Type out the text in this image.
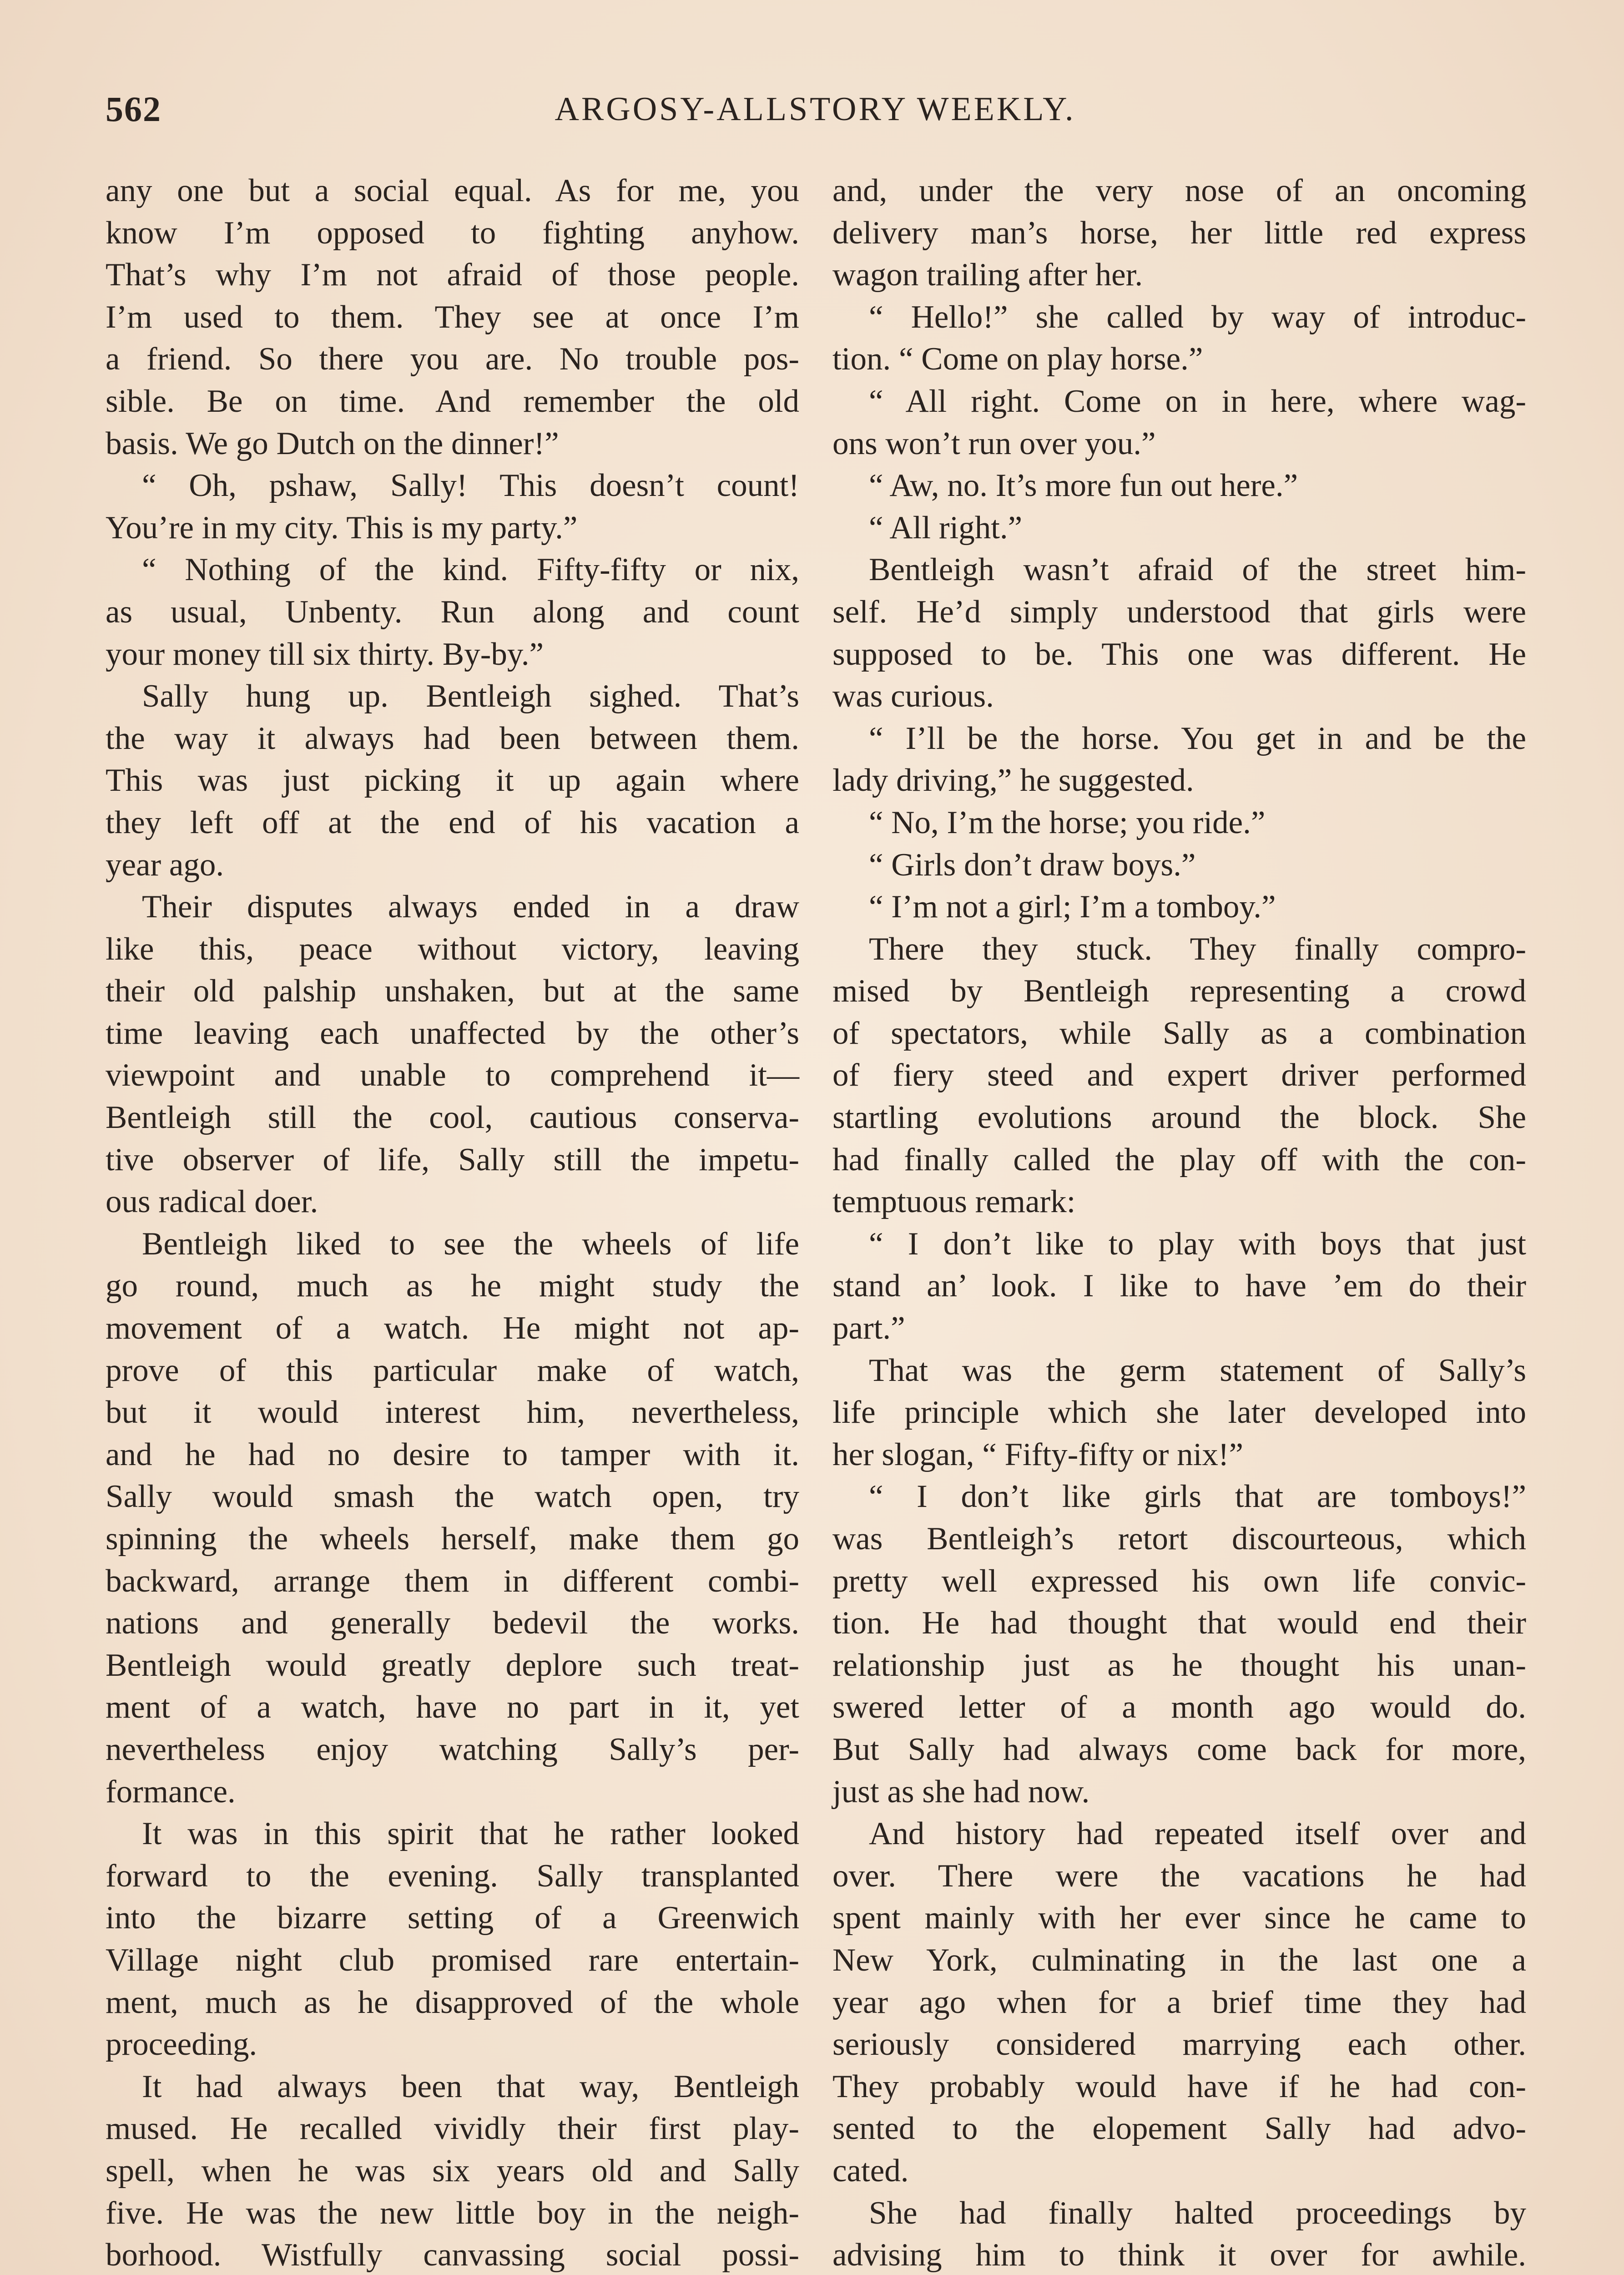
562	ARGOSY-ALLSTORY WEEKLY.
any one but a social equal. As for me, you
know I’m opposed to fighting anyhow.
That’s why I’m not afraid of those people.
I’m used to them. They see at once I’m
a friend. So there you are. No trouble pos-
sible. Be on time. And remember the old
basis. We go Dutch on the dinner!”
“ Oh, pshaw, Sally! This doesn’t count!
You’re in my city. This is my party.”
“ Nothing of the kind. Fifty-fifty or nix,
as usual, Unbenty. Run along and count
your money till six thirty. By-by.”
Sally hung up. Bentleigh sighed. That’s
the way it always had been between them.
This was just picking it up again where
they left off at the end of his vacation a
year ago.
Their disputes always ended in a draw
like this, peace without victory, leaving
their old palship unshaken, but at the same
time leaving each unaffected by the other’s
viewpoint and unable to comprehend it—
Bentleigh still the cool, cautious conserva-
tive observer of life, Sally still the impetu-
ous radical doer.
Bentleigh liked to see the wheels of life
go round, much as he might study the
movement of a watch. He might not ap-
prove of this particular make of watch,
but it would interest him, nevertheless,
and he had no desire to tamper with it.
Sally would smash the watch open, try
spinning the wheels herself, make them go
backward, arrange them in different combi-
nations and generally bedevil the works.
Bentleigh would greatly deplore such treat-
ment of a watch, have no part in it, yet
nevertheless enjoy watching Sally’s per-
formance.
It was in this spirit that he rather looked
forward to the evening. Sally transplanted
into the bizarre setting of a Greenwich
Village night club promised rare entertain-
ment, much as he disapproved of the whole
proceeding.
It had always been that way, Bentleigh
mused. He recalled vividly their first play-
spell, when he was six years old and Sally
five. He was the new little boy in the neigh-
borhood. Wistfully canvassing social possi-
and, under the very nose of an oncoming
delivery man’s horse, her little red express
wagon trailing after her.
“ Hello!” she called by way of introduc-
tion. “ Come on play horse.”
“ All right. Come on in here, where wag-
ons won’t run over you.”
“ Aw, no. It’s more fun out here.”
“ All right.”
Bentleigh wasn’t afraid of the street him-
self. He’d simply understood that girls were
supposed to be. This one was different. He
was curious.
“ I’ll be the horse. You get in and be the
lady driving,” he suggested.
“ No, I’m the horse; you ride.”
“ Girls don’t draw boys.”
“ I’m not a girl; I’m a tomboy.”
There they stuck. They finally compro-
mised by Bentleigh representing a crowd
of spectators, while Sally as a combination
of fiery steed and expert driver performed
startling evolutions around the block. She
had finally called the play off with the con-
temptuous remark:
“ I don’t like to play with boys that just
stand an’ look. I like to have ’em do their
part.”
That was the germ statement of Sally’s
life principle which she later developed into
her slogan, “ Fifty-fifty or nix!”
“ I don’t like girls that are tomboys!”
was Bentleigh’s retort discourteous, which
pretty well expressed his own life convic-
tion. He had thought that would end their
relationship just as he thought his unan-
swered letter of a month ago would do.
But Sally had always come back for more,
just as she had now.
And history had repeated itself over and
over. There were the vacations he had
spent mainly with her ever since he came to
New York, culminating in the last one a
year ago when for a brief time they had
seriously considered marrying each other.
They probably would have if he had con-
sented to the elopement Sally had advo-
cated.
She had finally halted proceedings by
advising him to think it over for awhile.
